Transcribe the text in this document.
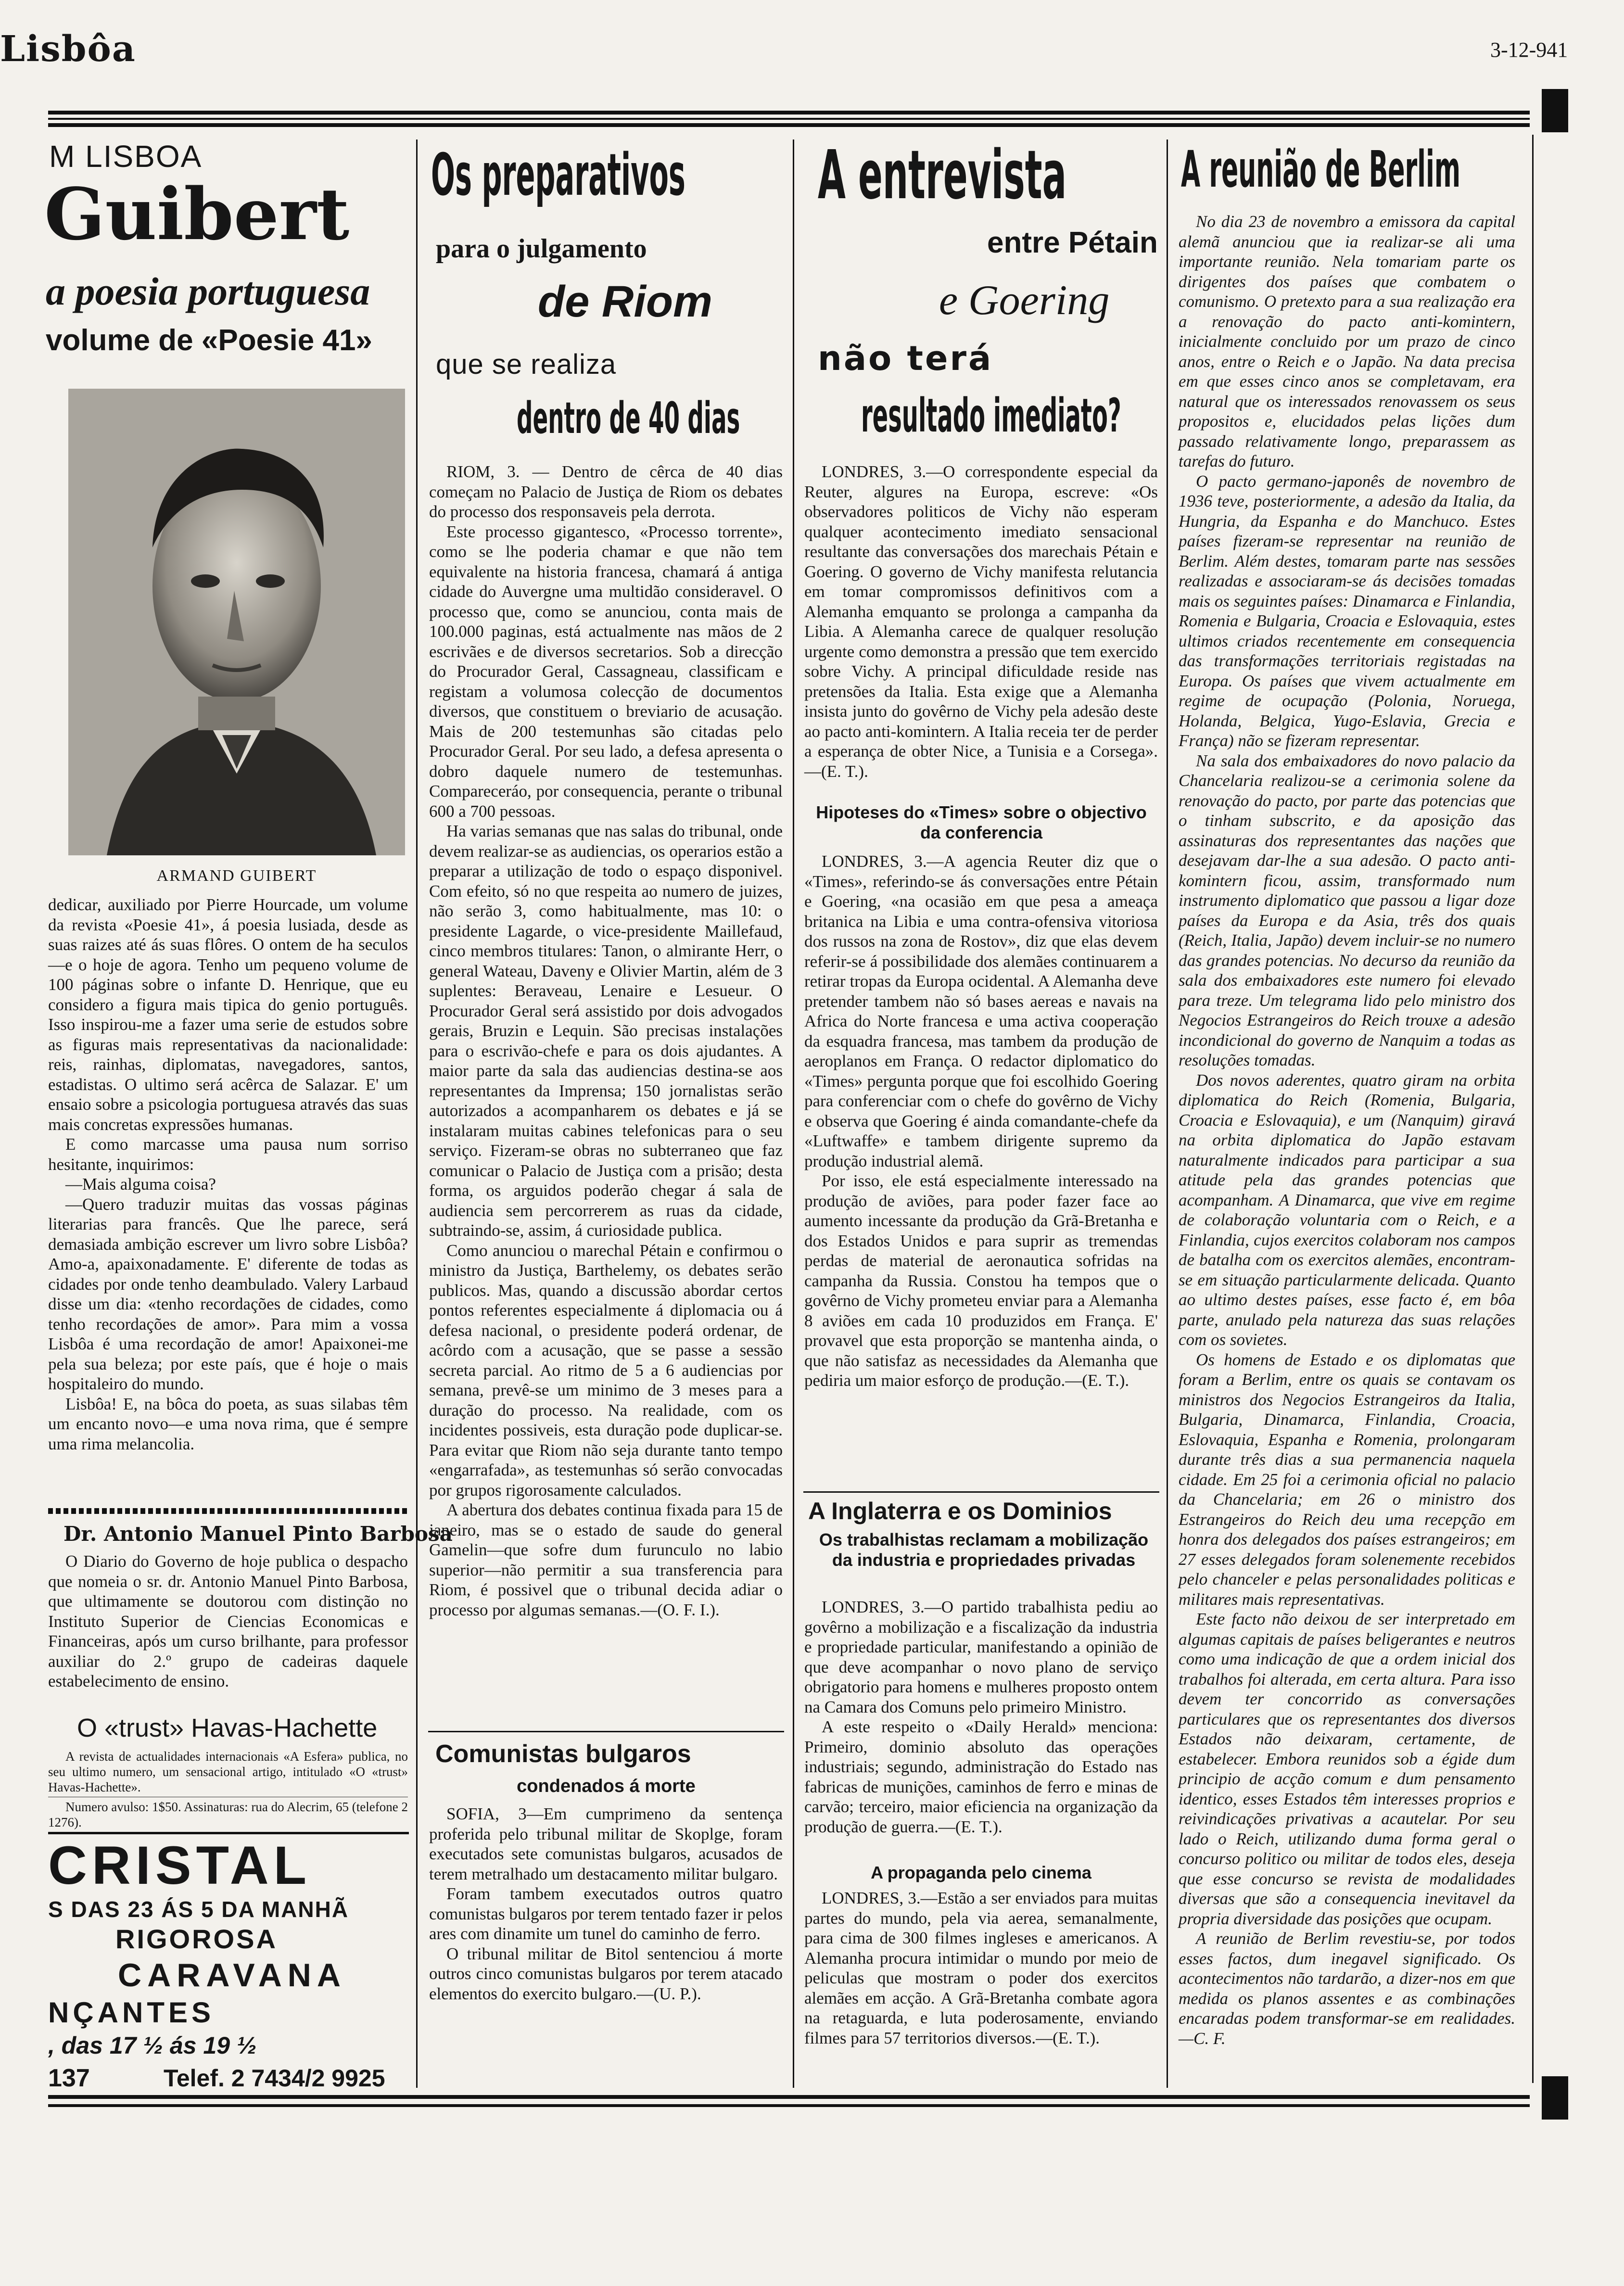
Lisbôa	3-12-941
M LISBOA
Guibert
a poesia portuguesa
volume de «Poesie 41»
ARMAND GUIBERT

dedicar, auxiliado por Pierre Hourcade, um volume da revista «Poesie 41», á poesia lusiada, desde as suas raizes até ás suas flôres. O ontem de ha seculos—e o hoje de agora. Tenho um pequeno volume de 100 páginas sobre o infante D. Henrique, que eu considero a figura mais tipica do genio português. Isso inspirou-me a fazer uma serie de estudos sobre as figuras mais representativas da nacionalidade: reis, rainhas, diplomatas, navegadores, santos, estadistas. O ultimo será acêrca de Salazar. E' um ensaio sobre a psicologia portuguesa através das suas mais concretas expressões humanas.

E como marcasse uma pausa num sorriso hesitante, inquirimos:

—Mais alguma coisa?

—Quero traduzir muitas das vossas páginas literarias para francês. Que lhe parece, será demasiada ambição escrever um livro sobre Lisbôa? Amo-a, apaixonadamente. E' diferente de todas as cidades por onde tenho deambulado. Valery Larbaud disse um dia: «tenho recordações de cidades, como tenho recordações de amor». Para mim a vossa Lisbôa é uma recordação de amor! Apaixonei-me pela sua beleza; por este país, que é hoje o mais hospitaleiro do mundo.

Lisbôa! E, na bôca do poeta, as suas silabas têm um encanto novo—e uma nova rima, que é sempre uma rima melancolia.

Dr. Antonio Manuel Pinto Barbosa

O Diario do Governo de hoje publica o despacho que nomeia o sr. dr. Antonio Manuel Pinto Barbosa, que ultimamente se doutorou com distinção no Instituto Superior de Ciencias Economicas e Financeiras, após um curso brilhante, para professor auxiliar do 2.º grupo de cadeiras daquele estabelecimento de ensino.

O «trust» Havas-Hachette

A revista de actualidades internacionais «A Esfera» publica, no seu ultimo numero, um sensacional artigo, intitulado «O «trust» Havas-Hachette».

Numero avulso: 1$50. Assinaturas: rua do Alecrim, 65 (telefone 2 1276).

CRISTAL
S DAS 23 ÁS 5 DA MANHÃ
RIGOROSA
CARAVANA
NÇANTES
, das 17 ½ ás 19 ½
137	Telef. 2 7434/2 9925
Os preparativos
para o julgamento
de Riom
que se realiza
dentro de 40 dias

RIOM, 3. — Dentro de cêrca de 40 dias começam no Palacio de Justiça de Riom os debates do processo dos responsaveis pela derrota.

Este processo gigantesco, «Processo torrente», como se lhe poderia chamar e que não tem equivalente na historia francesa, chamará á antiga cidade do Auvergne uma multidão consideravel. O processo que, como se anunciou, conta mais de 100.000 paginas, está actualmente nas mãos de 2 escrivães e de diversos secretarios. Sob a direcção do Procurador Geral, Cassagneau, classificam e registam a volumosa colecção de documentos diversos, que constituem o breviario de acusação. Mais de 200 testemunhas são citadas pelo Procurador Geral. Por seu lado, a defesa apresenta o dobro daquele numero de testemunhas. Compareceráo, por consequencia, perante o tribunal 600 a 700 pessoas.

Ha varias semanas que nas salas do tribunal, onde devem realizar-se as audiencias, os operarios estão a preparar a utilização de todo o espaço disponivel. Com efeito, só no que respeita ao numero de juizes, não serão 3, como habitualmente, mas 10: o presidente Lagarde, o vice-presidente Maillefaud, cinco membros titulares: Tanon, o almirante Herr, o general Wateau, Daveny e Olivier Martin, além de 3 suplentes: Beraveau, Lenaire e Lesueur. O Procurador Geral será assistido por dois advogados gerais, Bruzin e Lequin. São precisas instalações para o escrivão-chefe e para os dois ajudantes. A maior parte da sala das audiencias destina-se aos representantes da Imprensa; 150 jornalistas serão autorizados a acompanharem os debates e já se instalaram muitas cabines telefonicas para o seu serviço. Fizeram-se obras no subterraneo que faz comunicar o Palacio de Justiça com a prisão; desta forma, os arguidos poderão chegar á sala de audiencia sem percorrerem as ruas da cidade, subtraindo-se, assim, á curiosidade publica.

Como anunciou o marechal Pétain e confirmou o ministro da Justiça, Barthelemy, os debates serão publicos. Mas, quando a discussão abordar certos pontos referentes especialmente á diplomacia ou á defesa nacional, o presidente poderá ordenar, de acôrdo com a acusação, que se passe a sessão secreta parcial. Ao ritmo de 5 a 6 audiencias por semana, prevê-se um minimo de 3 meses para a duração do processo. Na realidade, com os incidentes possiveis, esta duração pode duplicar-se. Para evitar que Riom não seja durante tanto tempo «engarrafada», as testemunhas só serão convocadas por grupos rigorosamente calculados.

A abertura dos debates continua fixada para 15 de janeiro, mas se o estado de saude do general Gamelin—que sofre dum furunculo no labio superior—não permitir a sua transferencia para Riom, é possivel que o tribunal decida adiar o processo por algumas semanas.—(O. F. I.).

Comunistas bulgaros
condenados á morte

SOFIA, 3—Em cumprimeno da sentença proferida pelo tribunal militar de Skoplge, foram executados sete comunistas bulgaros, acusados de terem metralhado um destacamento militar bulgaro.

Foram tambem executados outros quatro comunistas bulgaros por terem tentado fazer ir pelos ares com dinamite um tunel do caminho de ferro.

O tribunal militar de Bitol sentenciou á morte outros cinco comunistas bulgaros por terem atacado elementos do exercito bulgaro.—(U. P.).

A entrevista
entre Pétain
e Goering
não terá
resultado imediato?

LONDRES, 3.—O correspondente especial da Reuter, algures na Europa, escreve: «Os observadores politicos de Vichy não esperam qualquer acontecimento imediato sensacional resultante das conversações dos marechais Pétain e Goering. O governo de Vichy manifesta relutancia em tomar compromissos definitivos com a Alemanha emquanto se prolonga a campanha da Libia. A Alemanha carece de qualquer resolução urgente como demonstra a pressão que tem exercido sobre Vichy. A principal dificuldade reside nas pretensões da Italia. Esta exige que a Alemanha insista junto do govêrno de Vichy pela adesão deste ao pacto anti-komintern. A Italia receia ter de perder a esperança de obter Nice, a Tunisia e a Corsega».—(E. T.).

Hipoteses do «Times» sobre o objectivo da conferencia

LONDRES, 3.—A agencia Reuter diz que o «Times», referindo-se ás conversações entre Pétain e Goering, «na ocasião em que pesa a ameaça britanica na Libia e uma contra-ofensiva vitoriosa dos russos na zona de Rostov», diz que elas devem referir-se á possibilidade dos alemães continuarem a retirar tropas da Europa ocidental. A Alemanha deve pretender tambem não só bases aereas e navais na Africa do Norte francesa e uma activa cooperação da esquadra francesa, mas tambem da produção de aeroplanos em França. O redactor diplomatico do «Times» pergunta porque que foi escolhido Goering para conferenciar com o chefe do govêrno de Vichy e observa que Goering é ainda comandante-chefe da «Luftwaffe» e tambem dirigente supremo da produção industrial alemã.

Por isso, ele está especialmente interessado na produção de aviões, para poder fazer face ao aumento incessante da produção da Grã-Bretanha e dos Estados Unidos e para suprir as tremendas perdas de material de aeronautica sofridas na campanha da Russia. Constou ha tempos que o govêrno de Vichy prometeu enviar para a Alemanha 8 aviões em cada 10 produzidos em França. E' provavel que esta proporção se mantenha ainda, o que não satisfaz as necessidades da Alemanha que pediria um maior esforço de produção.—(E. T.).

A Inglaterra e os Dominios
Os trabalhistas reclamam a mobilização da industria e propriedades privadas

LONDRES, 3.—O partido trabalhista pediu ao govêrno a mobilização e a fiscalização da industria e propriedade particular, manifestando a opinião de que deve acompanhar o novo plano de serviço obrigatorio para homens e mulheres proposto ontem na Camara dos Comuns pelo primeiro Ministro.

A este respeito o «Daily Herald» menciona: Primeiro, dominio absoluto das operações industriais; segundo, administração do Estado nas fabricas de munições, caminhos de ferro e minas de carvão; terceiro, maior eficiencia na organização da produção de guerra.—(E. T.).

A propaganda pelo cinema

LONDRES, 3.—Estão a ser enviados para muitas partes do mundo, pela via aerea, semanalmente, para cima de 300 filmes ingleses e americanos. A Alemanha procura intimidar o mundo por meio de peliculas que mostram o poder dos exercitos alemães em acção. A Grã-Bretanha combate agora na retaguarda, e luta poderosamente, enviando filmes para 57 territorios diversos.—(E. T.).

A reunião de Berlim

No dia 23 de novembro a emissora da capital alemã anunciou que ia realizar-se ali uma importante reunião. Nela tomariam parte os dirigentes dos países que combatem o comunismo. O pretexto para a sua realização era a renovação do pacto anti-komintern, inicialmente concluido por um prazo de cinco anos, entre o Reich e o Japão. Na data precisa em que esses cinco anos se completavam, era natural que os interessados renovassem os seus propositos e, elucidados pelas lições dum passado relativamente longo, preparassem as tarefas do futuro.

O pacto germano-japonês de novembro de 1936 teve, posteriormente, a adesão da Italia, da Hungria, da Espanha e do Manchuco. Estes países fizeram-se representar na reunião de Berlim. Além destes, tomaram parte nas sessões realizadas e associaram-se ás decisões tomadas mais os seguintes países: Dinamarca e Finlandia, Romenia e Bulgaria, Croacia e Eslovaquia, estes ultimos criados recentemente em consequencia das transformações territoriais registadas na Europa. Os países que vivem actualmente em regime de ocupação (Polonia, Noruega, Holanda, Belgica, Yugo-Eslavia, Grecia e França) não se fizeram representar.

Na sala dos embaixadores do novo palacio da Chancelaria realizou-se a cerimonia solene da renovação do pacto, por parte das potencias que o tinham subscrito, e da aposição das assinaturas dos representantes das nações que desejavam dar-lhe a sua adesão. O pacto anti-komintern ficou, assim, transformado num instrumento diplomatico que passou a ligar doze países da Europa e da Asia, três dos quais (Reich, Italia, Japão) devem incluir-se no numero das grandes potencias. No decurso da reunião da sala dos embaixadores este numero foi elevado para treze. Um telegrama lido pelo ministro dos Negocios Estrangeiros do Reich trouxe a adesão incondicional do governo de Nanquim a todas as resoluções tomadas.

Dos novos aderentes, quatro giram na orbita diplomatica do Reich (Romenia, Bulgaria, Croacia e Eslovaquia), e um (Nanquim) giravá na orbita diplomatica do Japão estavam naturalmente indicados para participar a sua atitude pela das grandes potencias que acompanham. A Dinamarca, que vive em regime de colaboração voluntaria com o Reich, e a Finlandia, cujos exercitos colaboram nos campos de batalha com os exercitos alemães, encontram-se em situação particularmente delicada. Quanto ao ultimo destes países, esse facto é, em bôa parte, anulado pela natureza das suas relações com os sovietes.

Os homens de Estado e os diplomatas que foram a Berlim, entre os quais se contavam os ministros dos Negocios Estrangeiros da Italia, Bulgaria, Dinamarca, Finlandia, Croacia, Eslovaquia, Espanha e Romenia, prolongaram durante três dias a sua permanencia naquela cidade. Em 25 foi a cerimonia oficial no palacio da Chancelaria; em 26 o ministro dos Estrangeiros do Reich deu uma recepção em honra dos delegados dos países estrangeiros; em 27 esses delegados foram solenemente recebidos pelo chanceler e pelas personalidades politicas e militares mais representativas.

Este facto não deixou de ser interpretado em algumas capitais de países beligerantes e neutros como uma indicação de que a ordem inicial dos trabalhos foi alterada, em certa altura. Para isso devem ter concorrido as conversações particulares que os representantes dos diversos Estados não deixaram, certamente, de estabelecer. Embora reunidos sob a égide dum principio de acção comum e dum pensamento identico, esses Estados têm interesses proprios e reivindicações privativas a acautelar. Por seu lado o Reich, utilizando duma forma geral o concurso politico ou militar de todos eles, deseja que esse concurso se revista de modalidades diversas que são a consequencia inevitavel da propria diversidade das posições que ocupam.

A reunião de Berlim revestiu-se, por todos esses factos, dum inegavel significado. Os acontecimentos não tardarão, a dizer-nos em que medida os planos assentes e as combinações encaradas podem transformar-se em realidades.—C. F.
